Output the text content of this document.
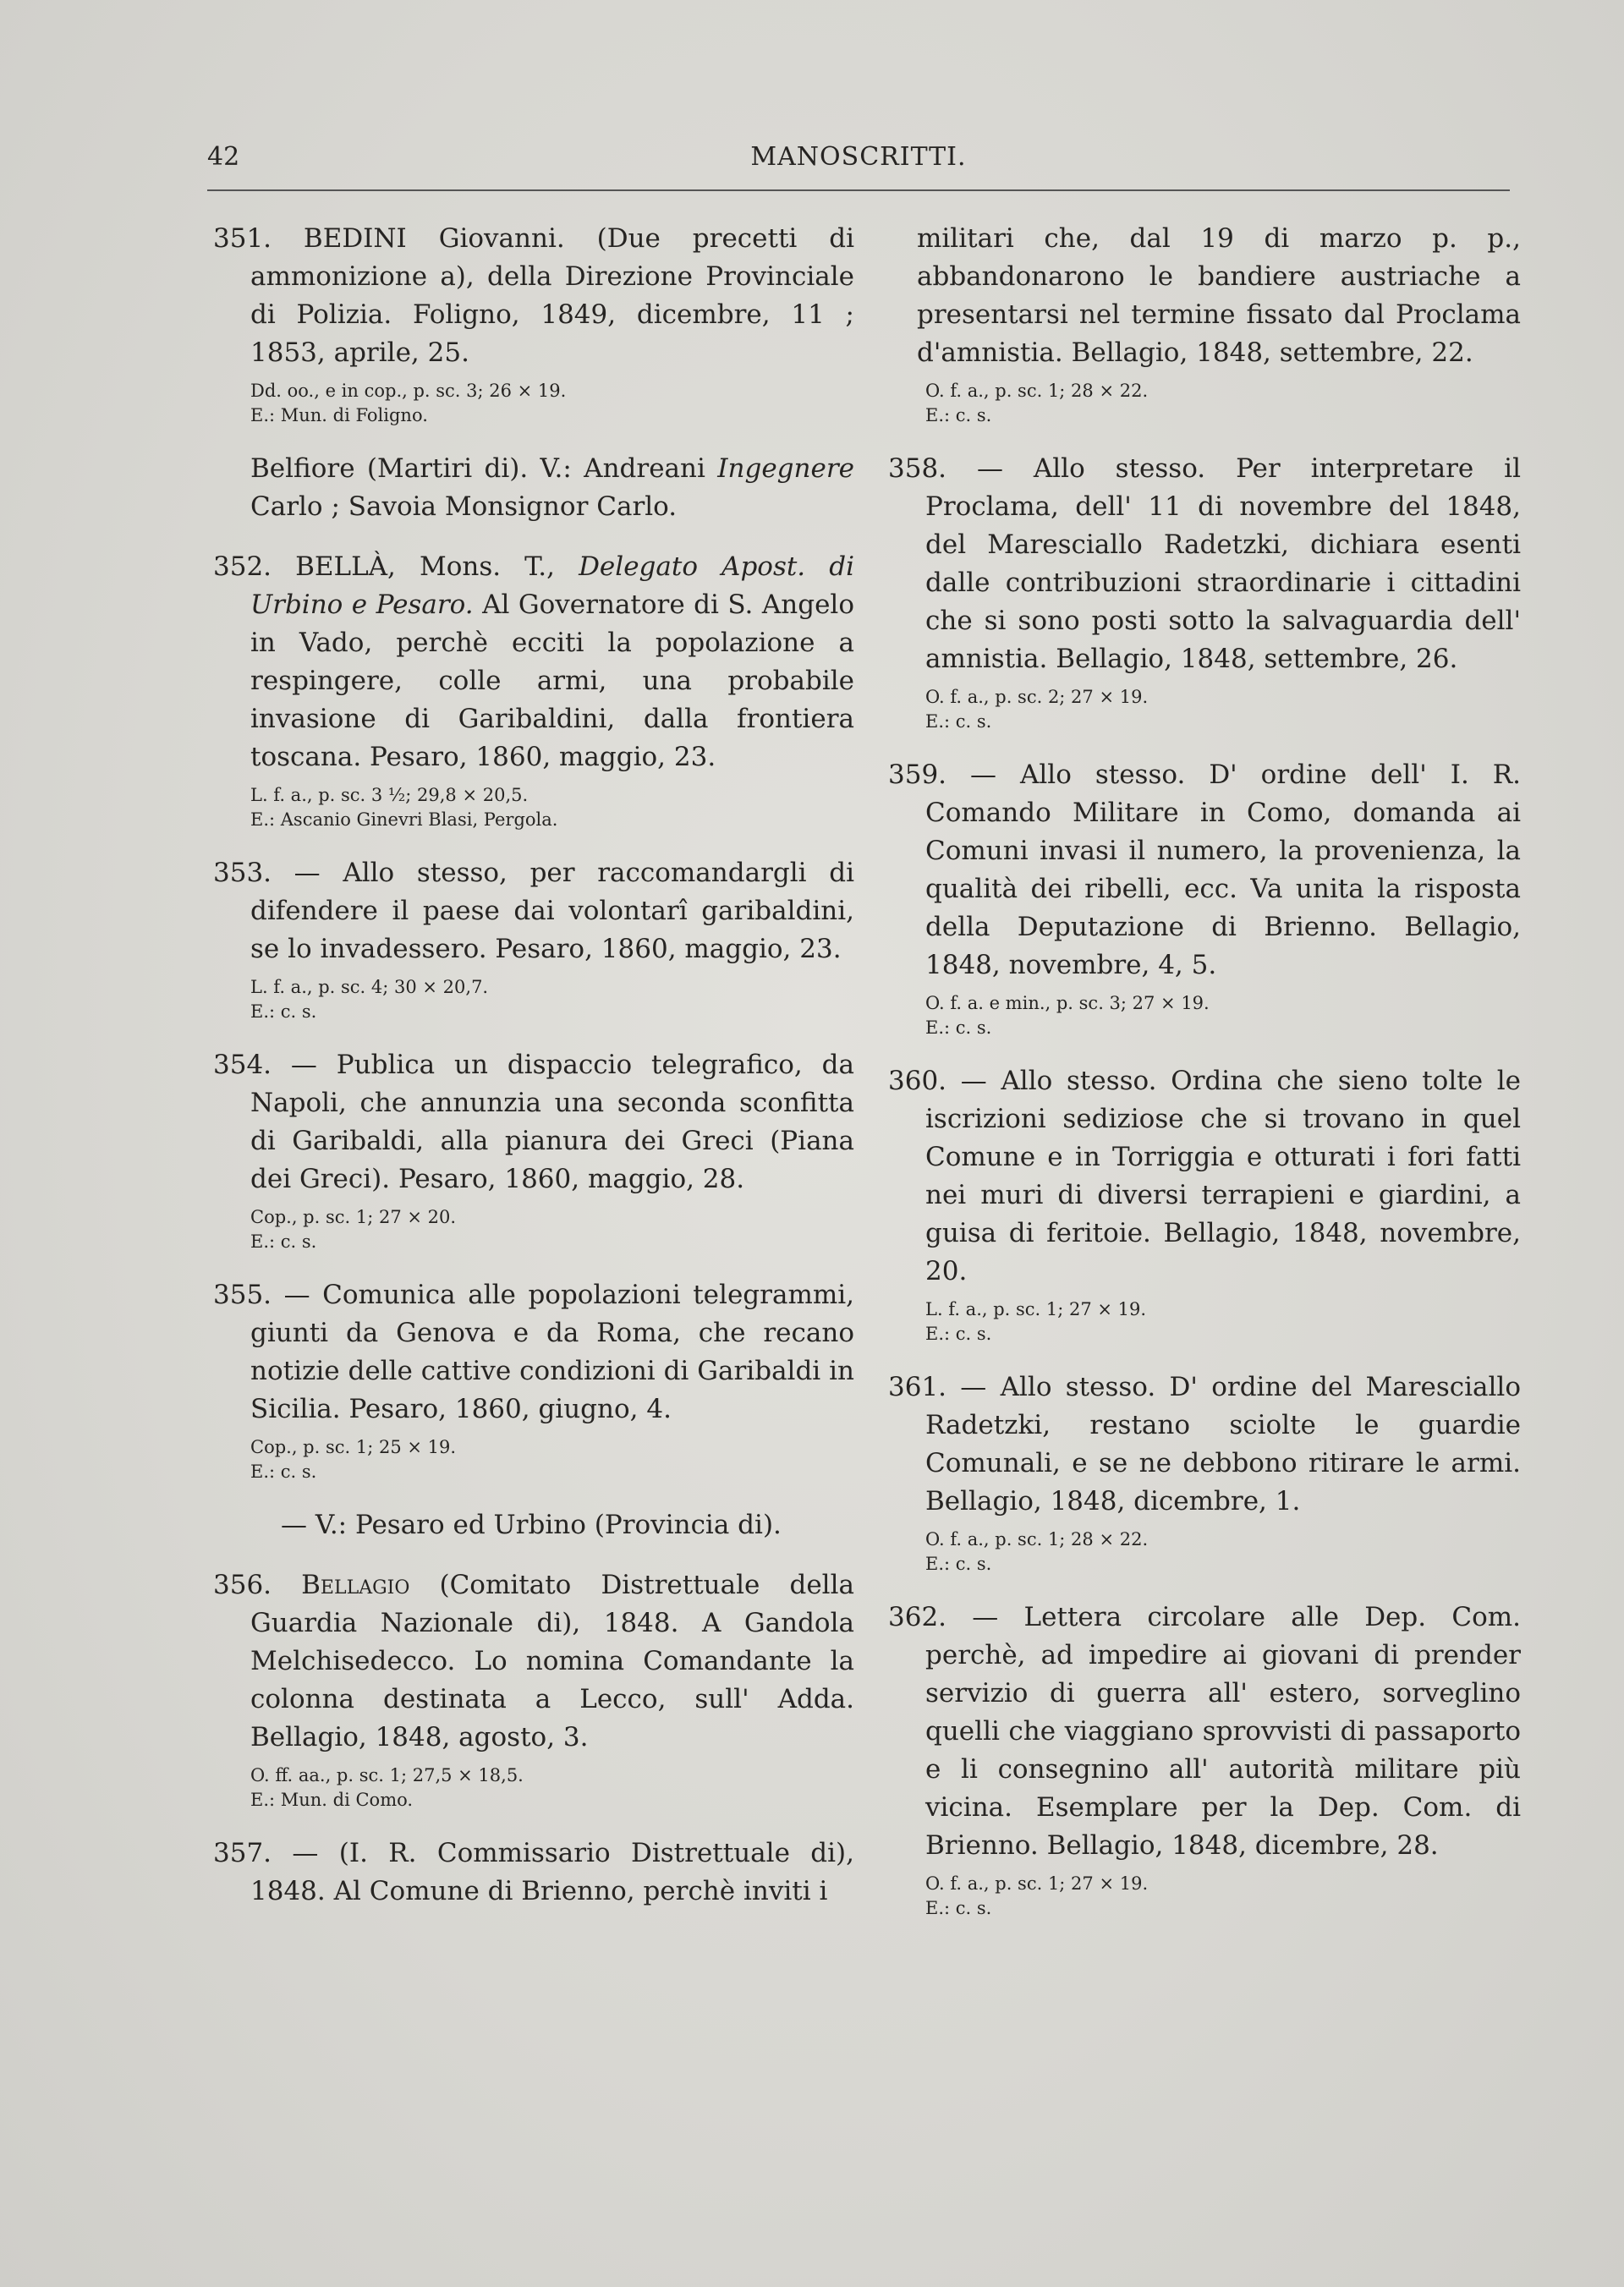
42	MANOSCRITTI.
351. BEDINI Giovanni. (Due precetti di ammonizione a), della Direzione Provinciale di Polizia. Foligno, 1849, dicembre, 11 ; 1853, aprile, 25.
Dd. oo., e in cop., p. sc. 3; 26 × 19.
E.: Mun. di Foligno.
Belfiore (Martiri di). V.: Andreani Ingegnere Carlo ; Savoia Monsignor Carlo.
352. BELLÀ, Mons. T., Delegato Apost. di Urbino e Pesaro. Al Governatore di S. Angelo in Vado, perchè ecciti la popolazione a respingere, colle armi, una probabile invasione di Garibaldini, dalla frontiera toscana. Pesaro, 1860, maggio, 23.
L. f. a., p. sc. 3 ½; 29,8 × 20,5.
E.: Ascanio Ginevri Blasi, Pergola.
353. — Allo stesso, per raccomandargli di difendere il paese dai volontarî garibaldini, se lo invadessero. Pesaro, 1860, maggio, 23.
L. f. a., p. sc. 4; 30 × 20,7.
E.: c. s.
354. — Publica un dispaccio telegrafico, da Napoli, che annunzia una seconda sconfitta di Garibaldi, alla pianura dei Greci (Piana dei Greci). Pesaro, 1860, maggio, 28.
Cop., p. sc. 1; 27 × 20.
E.: c. s.
355. — Comunica alle popolazioni telegrammi, giunti da Genova e da Roma, che recano notizie delle cattive condizioni di Garibaldi in Sicilia. Pesaro, 1860, giugno, 4.
Cop., p. sc. 1; 25 × 19.
E.: c. s.
— V.: Pesaro ed Urbino (Provincia di).
356. Bellagio (Comitato Distrettuale della Guardia Nazionale di), 1848. A Gandola Melchisedecco. Lo nomina Comandante la colonna destinata a Lecco, sull' Adda. Bellagio, 1848, agosto, 3.
O. ff. aa., p. sc. 1; 27,5 × 18,5.
E.: Mun. di Como.
357. — (I. R. Commissario Distrettuale di), 1848. Al Comune di Brienno, perchè inviti i
militari che, dal 19 di marzo p. p., abbandonarono le bandiere austriache a presentarsi nel termine fissato dal Proclama d'amnistia. Bellagio, 1848, settembre, 22.
O. f. a., p. sc. 1; 28 × 22.
E.: c. s.
358. — Allo stesso. Per interpretare il Proclama, dell' 11 di novembre del 1848, del Maresciallo Radetzki, dichiara esenti dalle contribuzioni straordinarie i cittadini che si sono posti sotto la salvaguardia dell' amnistia. Bellagio, 1848, settembre, 26.
O. f. a., p. sc. 2; 27 × 19.
E.: c. s.
359. — Allo stesso. D' ordine dell' I. R. Comando Militare in Como, domanda ai Comuni invasi il numero, la provenienza, la qualità dei ribelli, ecc. Va unita la risposta della Deputazione di Brienno. Bellagio, 1848, novembre, 4, 5.
O. f. a. e min., p. sc. 3; 27 × 19.
E.: c. s.
360. — Allo stesso. Ordina che sieno tolte le iscrizioni sediziose che si trovano in quel Comune e in Torriggia e otturati i fori fatti nei muri di diversi terrapieni e giardini, a guisa di feritoie. Bellagio, 1848, novembre, 20.
L. f. a., p. sc. 1; 27 × 19.
E.: c. s.
361. — Allo stesso. D' ordine del Maresciallo Radetzki, restano sciolte le guardie Comunali, e se ne debbono ritirare le armi. Bellagio, 1848, dicembre, 1.
O. f. a., p. sc. 1; 28 × 22.
E.: c. s.
362. — Lettera circolare alle Dep. Com. perchè, ad impedire ai giovani di prender servizio di guerra all' estero, sorveglino quelli che viaggiano sprovvisti di passaporto e li consegnino all' autorità militare più vicina. Esemplare per la Dep. Com. di Brienno. Bellagio, 1848, dicembre, 28.
O. f. a., p. sc. 1; 27 × 19.
E.: c. s.
